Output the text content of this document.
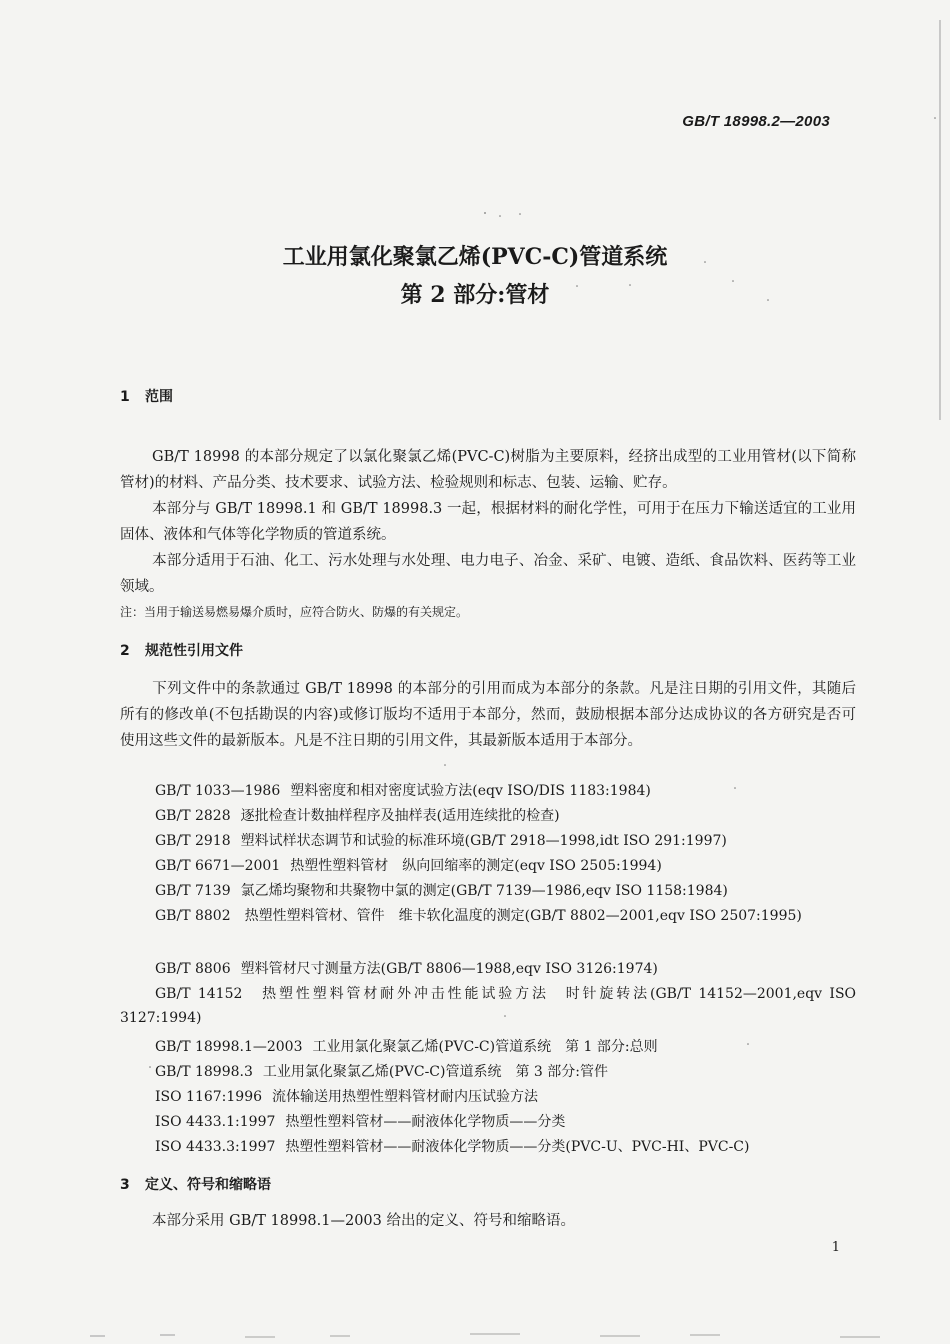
GB/T 18998.2—2003
工业用氯化聚氯乙烯(PVC-C)管道系统
第 2 部分:管材
1 范围
GB/T 18998 的本部分规定了以氯化聚氯乙烯(PVC-C)树脂为主要原料，经挤出成型的工业用管材(以下简称管材)的材料、产品分类、技术要求、试验方法、检验规则和标志、包装、运输、贮存。
本部分与 GB/T 18998.1 和 GB/T 18998.3 一起，根据材料的耐化学性，可用于在压力下输送适宜的工业用固体、液体和气体等化学物质的管道系统。
本部分适用于石油、化工、污水处理与水处理、电力电子、冶金、采矿、电镀、造纸、食品饮料、医药等工业领域。
注：当用于输送易燃易爆介质时，应符合防火、防爆的有关规定。
2 规范性引用文件
下列文件中的条款通过 GB/T 18998 的本部分的引用而成为本部分的条款。凡是注日期的引用文件，其随后所有的修改单(不包括勘误的内容)或修订版均不适用于本部分，然而，鼓励根据本部分达成协议的各方研究是否可使用这些文件的最新版本。凡是不注日期的引用文件，其最新版本适用于本部分。
GB/T 1033—1986 塑料密度和相对密度试验方法(eqv ISO/DIS 1183:1984)
GB/T 2828 逐批检查计数抽样程序及抽样表(适用连续批的检查)
GB/T 2918 塑料试样状态调节和试验的标准环境(GB/T 2918—1998,idt ISO 291:1997)
GB/T 6671—2001 热塑性塑料管材　纵向回缩率的测定(eqv ISO 2505:1994)
GB/T 7139 氯乙烯均聚物和共聚物中氯的测定(GB/T 7139—1986,eqv ISO 1158:1984)
GB/T 8802　 热塑性塑料管材、管件　维卡软化温度的测定(GB/T 8802—2001,eqv ISO 2507:1995)
GB/T 8806 塑料管材尺寸测量方法(GB/T 8806—1988,eqv ISO 3126:1974)
GB/T 14152　 热塑性塑料管材耐外冲击性能试验方法　时针旋转法(GB/T 14152—2001,eqv ISO 3127:1994)
GB/T 18998.1—2003 工业用氯化聚氯乙烯(PVC-C)管道系统　第 1 部分:总则
GB/T 18998.3 工业用氯化聚氯乙烯(PVC-C)管道系统　第 3 部分:管件
ISO 1167:1996 流体输送用热塑性塑料管材耐内压试验方法
ISO 4433.1:1997 热塑性塑料管材——耐液体化学物质——分类
ISO 4433.3:1997 热塑性塑料管材——耐液体化学物质——分类(PVC-U、PVC-HI、PVC-C)
3 定义、符号和缩略语
本部分采用 GB/T 18998.1—2003 给出的定义、符号和缩略语。
1
